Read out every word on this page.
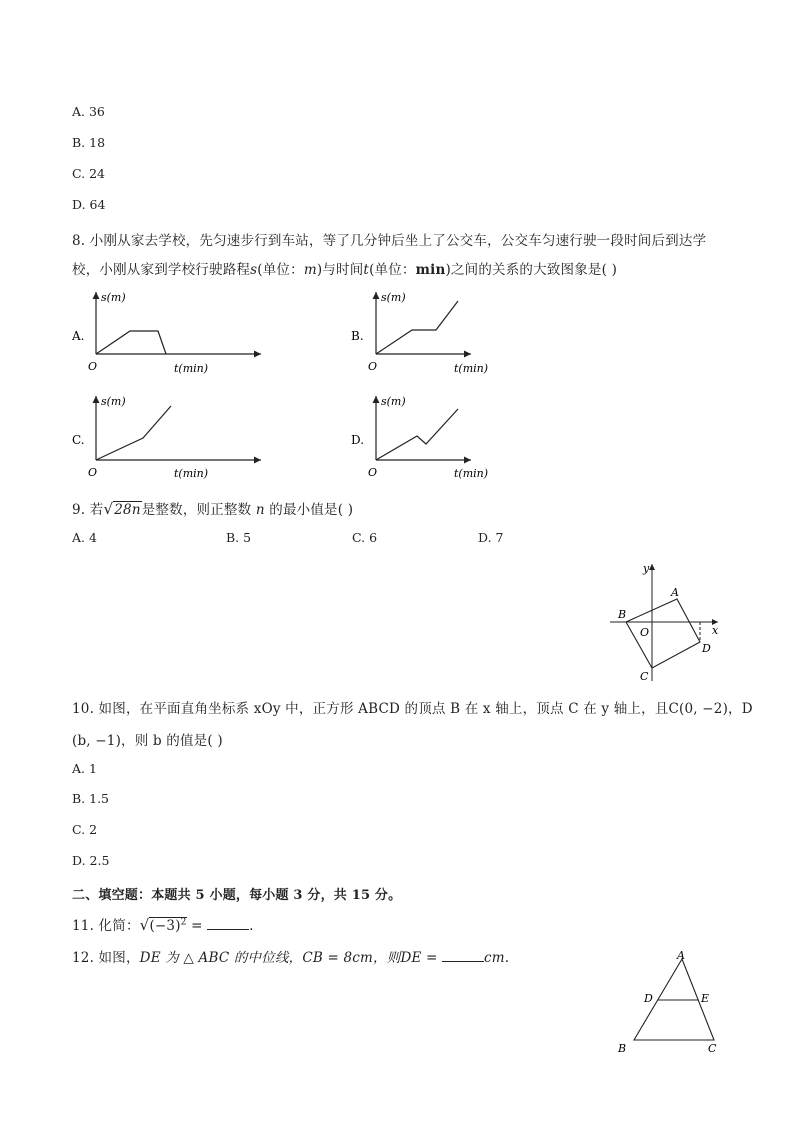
A. 36
B. 18
C. 24
D. 64
8. 小刚从家去学校，先匀速步行到车站，等了几分钟后坐上了公交车，公交车匀速行驶一段时间后到达学
校，小刚从家到学校行驶路程s(单位：m)与时间t(单位：min)之间的关系的大致图象是( )
A.
s(m)
t(min)
O
B.
s(m)
t(min)
O
C.
s(m)
t(min)
O
D.
s(m)
t(min)
O
9. 若√28n是整数，则正整数 n 的最小值是( )
A. 4	B. 5	C. 6	D. 7
y
x
O
A
B
C
D
10. 如图，在平面直角坐标系 xOy 中，正方形 ABCD 的顶点 B 在 x 轴上，顶点 C 在 y 轴上，且C(0, −2)，D
(b, −1)，则 b 的值是( )
A. 1
B. 1.5
C. 2
D. 2.5
二、填空题：本题共 5 小题，每小题 3 分，共 15 分。
11. 化简：$√(-3)^2$ =	.
12. 如图，DE 为 △ ABC 的中位线，CB = 8cm，则DE =	cm.	A
D	E
B	C
